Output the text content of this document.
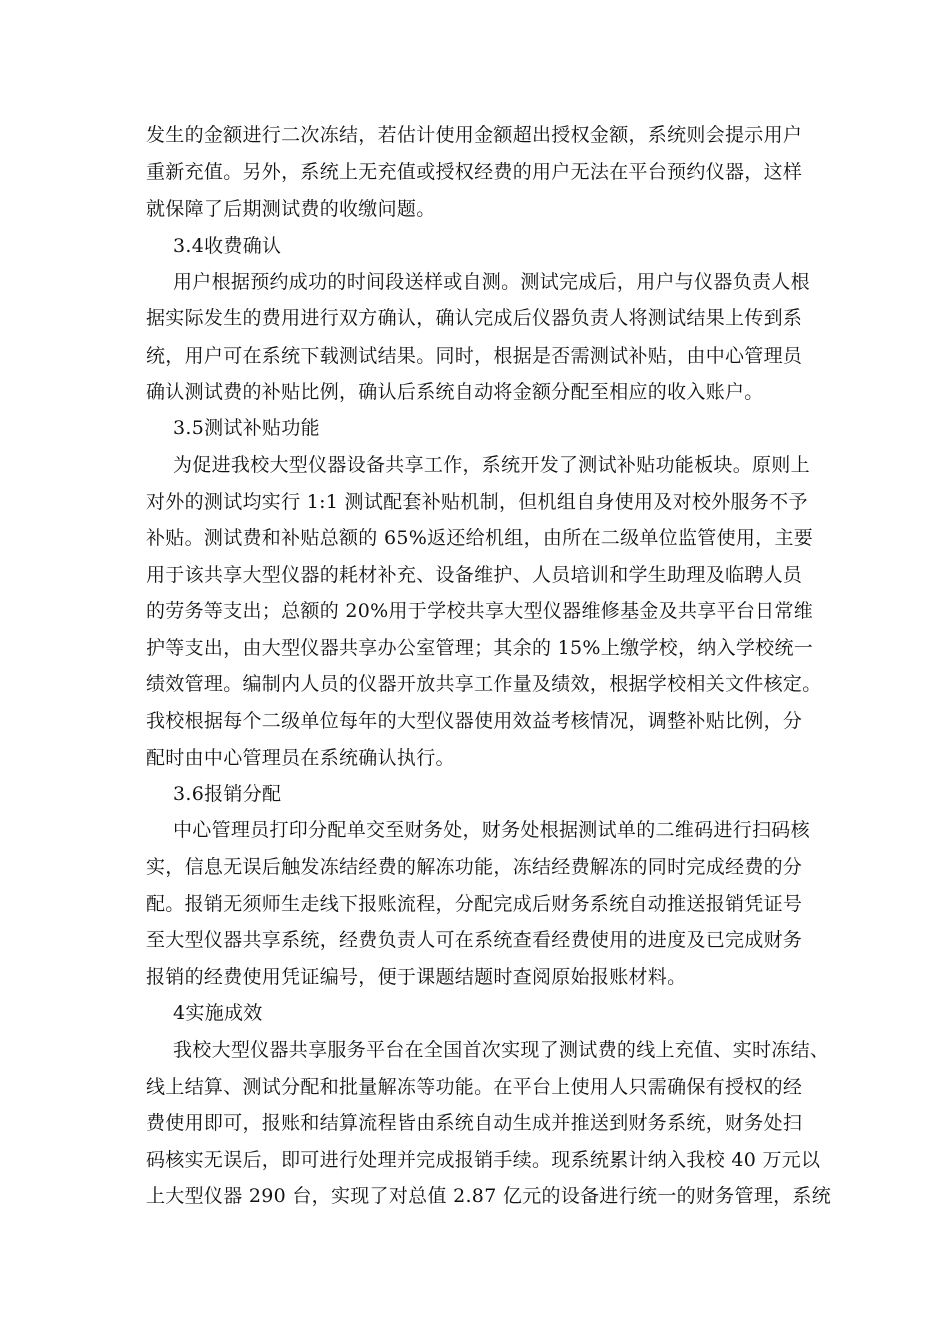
发生的金额进行二次冻结，若估计使用金额超出授权金额，系统则会提示用户
重新充值。另外，系统上无充值或授权经费的用户无法在平台预约仪器，这样
就保障了后期测试费的收缴问题。
3.4收费确认
用户根据预约成功的时间段送样或自测。测试完成后，用户与仪器负责人根
据实际发生的费用进行双方确认，确认完成后仪器负责人将测试结果上传到系
统，用户可在系统下载测试结果。同时，根据是否需测试补贴，由中心管理员
确认测试费的补贴比例，确认后系统自动将金额分配至相应的收入账户。
3.5测试补贴功能
为促进我校大型仪器设备共享工作，系统开发了测试补贴功能板块。原则上
对外的测试均实行 1:1 测试配套补贴机制，但机组自身使用及对校外服务不予
补贴。测试费和补贴总额的 65%返还给机组，由所在二级单位监管使用，主要
用于该共享大型仪器的耗材补充、设备维护、人员培训和学生助理及临聘人员
的劳务等支出；总额的 20%用于学校共享大型仪器维修基金及共享平台日常维
护等支出，由大型仪器共享办公室管理；其余的 15%上缴学校，纳入学校统一
绩效管理。编制内人员的仪器开放共享工作量及绩效，根据学校相关文件核定。
我校根据每个二级单位每年的大型仪器使用效益考核情况，调整补贴比例，分
配时由中心管理员在系统确认执行。
3.6报销分配
中心管理员打印分配单交至财务处，财务处根据测试单的二维码进行扫码核
实，信息无误后触发冻结经费的解冻功能，冻结经费解冻的同时完成经费的分
配。报销无须师生走线下报账流程，分配完成后财务系统自动推送报销凭证号
至大型仪器共享系统，经费负责人可在系统查看经费使用的进度及已完成财务
报销的经费使用凭证编号，便于课题结题时查阅原始报账材料。
4实施成效
我校大型仪器共享服务平台在全国首次实现了测试费的线上充值、实时冻结、
线上结算、测试分配和批量解冻等功能。在平台上使用人只需确保有授权的经
费使用即可，报账和结算流程皆由系统自动生成并推送到财务系统，财务处扫
码核实无误后，即可进行处理并完成报销手续。现系统累计纳入我校 40 万元以
上大型仪器 290 台，实现了对总值 2.87 亿元的设备进行统一的财务管理，系统
